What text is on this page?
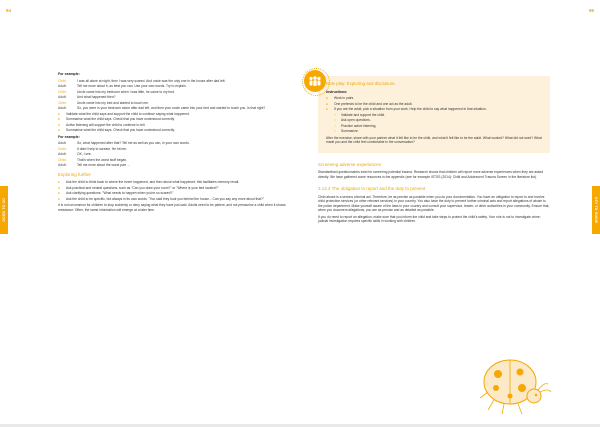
94	95
GOOD TO DO	KEY TO KNOW
For example:
Child:	I was all alone at night, then I was very scared. And uncle was the only one in the house after dad left.
Adult:	Tell me more about it, as best you can. Use your own words. Try to explain.
Child:	Uncle came into my bedroom when I was little, he came to my bed.
Adult:	And what happened then?
Child:	Uncle came into my bed and started to touch me.
Adult:	So, you were in your bedroom alone after dad left, and then your uncle came into your bed and started to touch you. Is that right?
●	Validate what the child says and support the child to continue saying what happened.
●	Summarise what the child says. Check that you have understood correctly.
●	Active listening will support the child to continue to tell.
●	Summarise what the child says. Check that you have understood correctly.
For example:
Adult:	So, what happened after that? Tell me as well as you can, in your own words.
Child:	It didn't help to scream. He hit me.
Adult:	OK, I see.
Child:	That's when the worst stuff began.
Adult:	Tell me more about the worst part ...
Exploring further
●	Ask the child to think back to where the event happened, and then about what happened: this facilitates memory recall.
●	Ask practical and neutral questions, such as "Can you draw your room?" or "Where is your bed located?"
●	Ask clarifying questions: "What needs to happen when you're so scared?"
●	Ask the child to be specific, but always in its own words. "You said they took you behind the house... Can you say any more about that?"
It is not uncommon for children to stop suddenly or deny saying what they have just said. Adults need to be patient, and not pressurise a child when it shows resistance. Often, the same information will emerge at a later time.
Role play: Exploring and disclosure.
Instructions:
●	Work in pairs.
●	One pretends to be the child and one act as the adult.
●	If you are the adult, pick a situation from your work. Help the child to say what happened in that situation.
○	Validate and support the child.
○	Ask open questions.
○	Practice active listening.
○	Summarize.
After the exercise, share with your partner what it felt like to be the child, and what it felt like to be the adult. What worked? What did not work? What made you and the child feel comfortable in the conversation?
Screening adverse experiences
Standardised questionnaires exist for screening potential trauma. Research shows that children will report more adverse experiences when they are asked directly. We have gathered some resources in the appendix (see for example ISTSS (2014): Child and Adolescent Trauma Screen in the literature list).
3.12.4 The obligation to report and the duty to prevent
Child abuse is a serious criminal act. Therefore, be as precise as possible when you do your documentation. You have an obligation to report to and involve child protection services (or other relevant services) in your country. You also have the duty to prevent further criminal acts and report allegations of abuse to the police department. Make yourself aware of the laws in your country and consult your supervisor, leader, or other authorities in your community. Ensure that, when you document allegations, you are as precise and as detailed as possible.
If you do need to report an allegation, make sure that you inform the child and take steps to protect the child's safety. Your role is not to investigate crime: judicial investigation requires specific skills in working with children.
